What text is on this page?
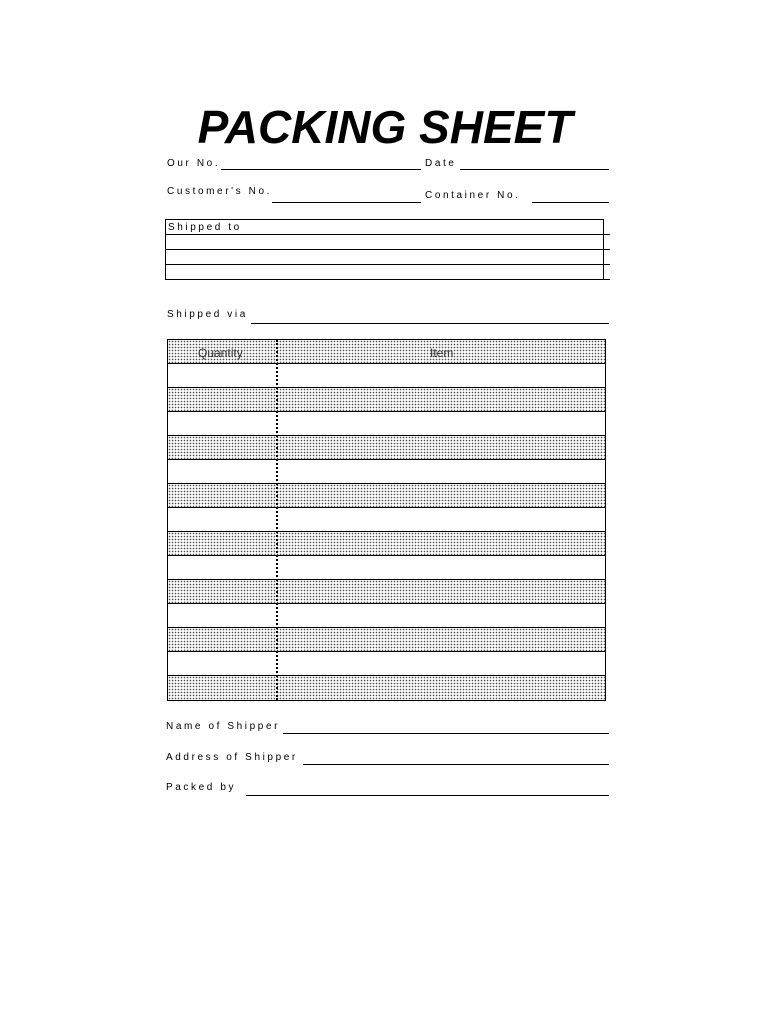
PACKING SHEET
Our No.	Date
Customer's No.	Container No.
Shipped to
Shipped via
Quantity	Item
Name of Shipper
Address of Shipper
Packed by
